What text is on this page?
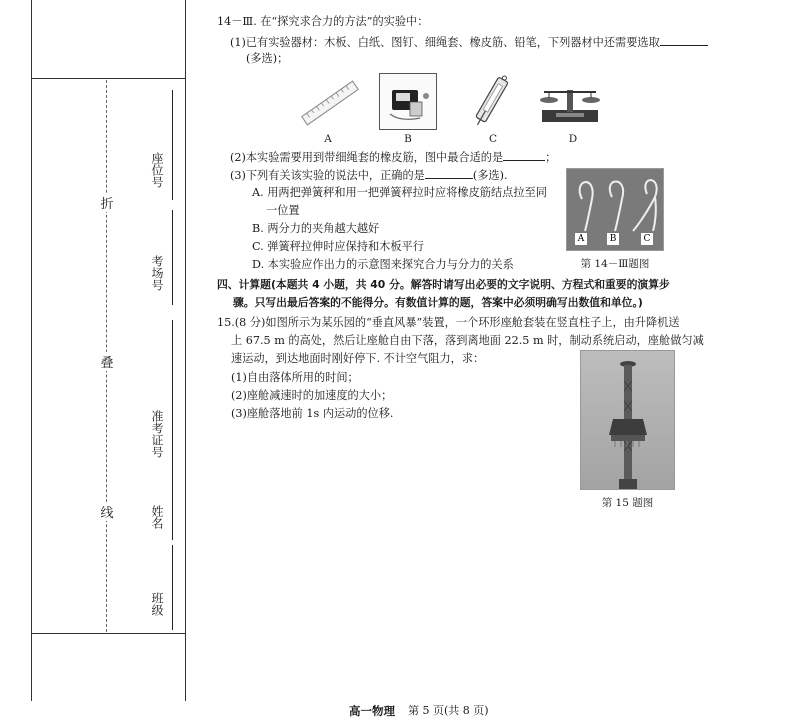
折
叠
线
座位号
考场号
准考证号
姓名
班级
14－Ⅲ. 在“探究求合力的方法”的实验中：
(1)已有实验器材：木板、白纸、图钉、细绳套、橡皮筋、铅笔，下列器材中还需要选取
(多选)；
A	B	C	D
(2)本实验需要用到带细绳套的橡皮筋，图中最合适的是	；
(3)下列有关该实验的说法中，正确的是	(多选).
A. 用两把弹簧秤和用一把弹簧秤拉时应将橡皮筋结点拉至同
一位置
B. 两分力的夹角越大越好
C. 弹簧秤拉伸时应保持和木板平行
D. 本实验应作出力的示意图来探究合力与分力的关系
A	B	C
第 14－Ⅲ题图
四、计算题(本题共 4 小题，共 40 分。解答时请写出必要的文字说明、方程式和重要的演算步
骤。只写出最后答案的不能得分。有数值计算的题，答案中必须明确写出数值和单位。)
15.(8 分)如图所示为某乐园的“垂直风暴”装置，一个环形座舱套装在竖直柱子上，由升降机送
上 67.5 m 的高处，然后让座舱自由下落，落到离地面 22.5 m 时，制动系统启动，座舱做匀减
速运动，到达地面时刚好停下. 不计空气阻力，求：
(1)自由落体所用的时间；
(2)座舱减速时的加速度的大小；
(3)座舱落地前 1s 内运动的位移.
第 15 题图
高一物理 第 5 页(共 8 页)
